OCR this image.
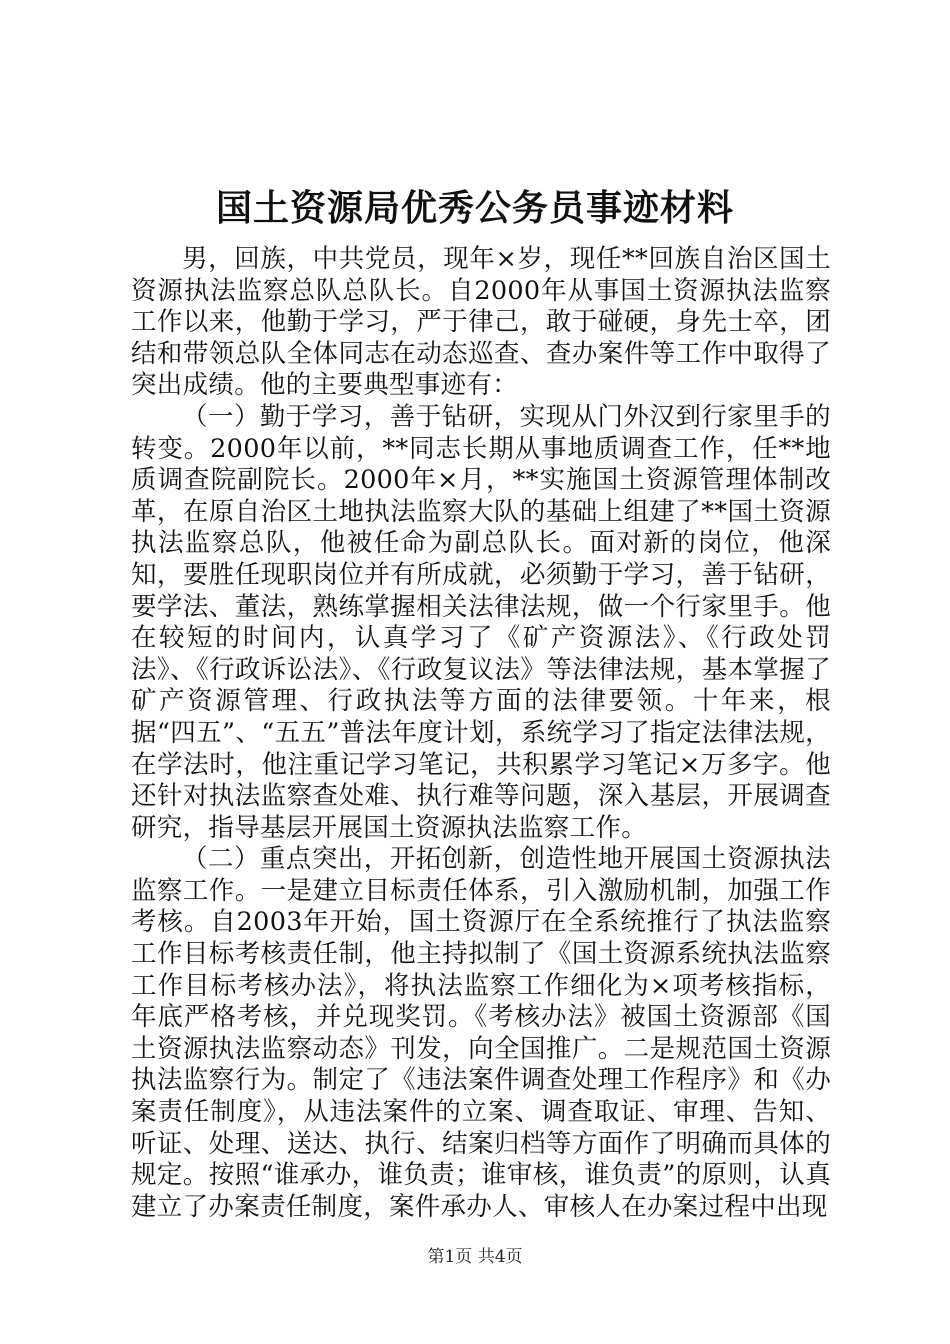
国土资源局优秀公务员事迹材料

男，回族，中共党员，现年×岁，现任**回族自治区国土资源执法监察总队总队长。自2000年从事国土资源执法监察工作以来，他勤于学习，严于律己，敢于碰硬，身先士卒，团结和带领总队全体同志在动态巡查、查办案件等工作中取得了突出成绩。他的主要典型事迹有：

（一）勤于学习，善于钻研，实现从门外汉到行家里手的转变。2000年以前，**同志长期从事地质调查工作，任**地质调查院副院长。2000年×月，**实施国土资源管理体制改革，在原自治区土地执法监察大队的基础上组建了**国土资源执法监察总队，他被任命为副总队长。面对新的岗位，他深知，要胜任现职岗位并有所成就，必须勤于学习，善于钻研，要学法、董法，熟练掌握相关法律法规，做一个行家里手。他在较短的时间内，认真学习了《矿产资源法》、《行政处罚法》、《行政诉讼法》、《行政复议法》等法律法规，基本掌握了矿产资源管理、行政执法等方面的法律要领。十年来，根据“四五”、“五五”普法年度计划，系统学习了指定法律法规，在学法时，他注重记学习笔记，共积累学习笔记×万多字。他还针对执法监察查处难、执行难等问题，深入基层，开展调查研究，指导基层开展国土资源执法监察工作。

（二）重点突出，开拓创新，创造性地开展国土资源执法监察工作。一是建立目标责任体系，引入激励机制，加强工作考核。自2003年开始，国土资源厅在全系统推行了执法监察工作目标考核责任制，他主持拟制了《国土资源系统执法监察工作目标考核办法》，将执法监察工作细化为×项考核指标，年底严格考核，并兑现奖罚。《考核办法》被国土资源部《国土资源执法监察动态》刊发，向全国推广。二是规范国土资源执法监察行为。制定了《违法案件调查处理工作程序》和《办案责任制度》，从违法案件的立案、调查取证、审理、告知、听证、处理、送达、执行、结案归档等方面作了明确而具体的规定。按照“谁承办，谁负责；谁审核，谁负责”的原则，认真建立了办案责任制度，案件承办人、审核人在办案过程中出现

第1页 共4页
